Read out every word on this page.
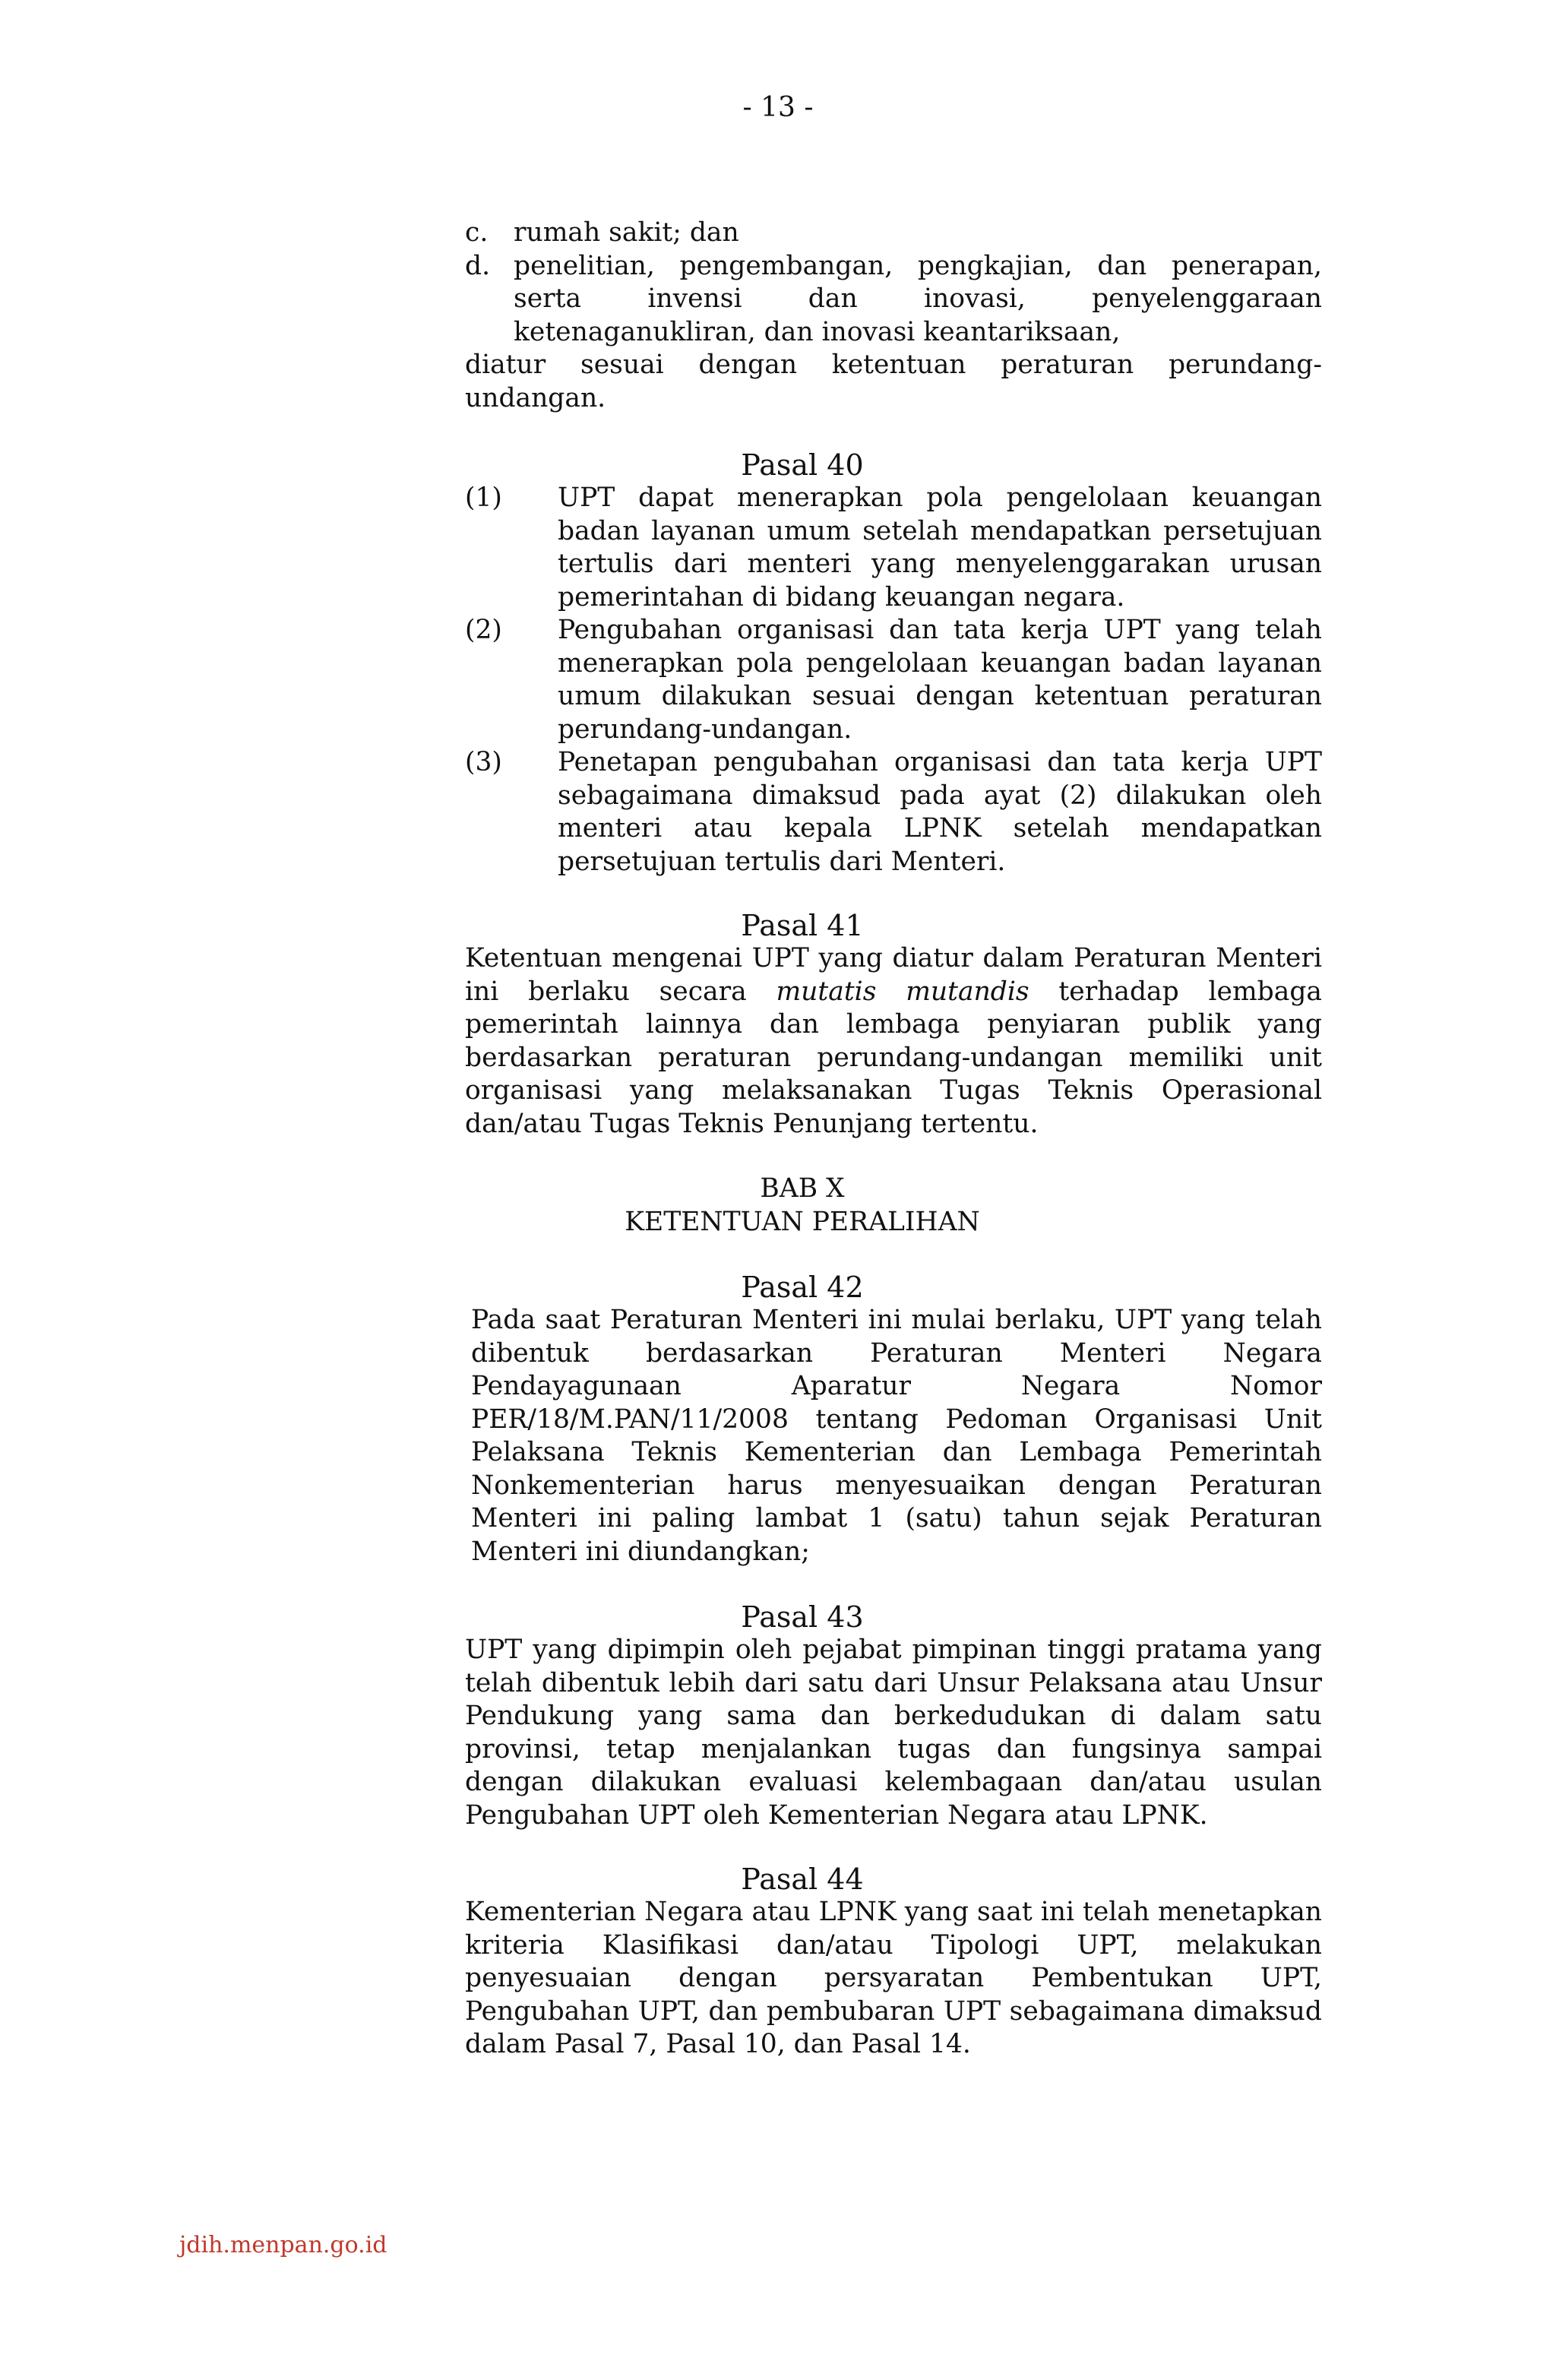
- 13 -
c. rumah sakit; dan

d. penelitian, pengembangan, pengkajian, dan penerapan, serta invensi dan inovasi, penyelenggaraan ketenaganukliran, dan inovasi keantariksaan,

diatur sesuai dengan ketentuan peraturan perundang-undangan.

Pasal 40
(1)	UPT dapat menerapkan pola pengelolaan keuangan badan layanan umum setelah mendapatkan persetujuan tertulis dari menteri yang menyelenggarakan urusan pemerintahan di bidang keuangan negara.

(2)	Pengubahan organisasi dan tata kerja UPT yang telah menerapkan pola pengelolaan keuangan badan layanan umum dilakukan sesuai dengan ketentuan peraturan perundang-undangan.

(3)	Penetapan pengubahan organisasi dan tata kerja UPT sebagaimana dimaksud pada ayat (2) dilakukan oleh menteri atau kepala LPNK setelah mendapatkan persetujuan tertulis dari Menteri.

Pasal 41

Ketentuan mengenai UPT yang diatur dalam Peraturan Menteri ini berlaku secara mutatis mutandis terhadap lembaga pemerintah lainnya dan lembaga penyiaran publik yang berdasarkan peraturan perundang-undangan memiliki unit organisasi yang melaksanakan Tugas Teknis Operasional dan/atau Tugas Teknis Penunjang tertentu.

BAB X

KETENTUAN PERALIHAN

Pasal 42

Pada saat Peraturan Menteri ini mulai berlaku, UPT yang telah dibentuk berdasarkan Peraturan Menteri Negara Pendayagunaan Aparatur Negara Nomor PER/18/M.PAN/11/2008 tentang Pedoman Organisasi Unit Pelaksana Teknis Kementerian dan Lembaga Pemerintah Nonkementerian harus menyesuaikan dengan Peraturan Menteri ini paling lambat 1 (satu) tahun sejak Peraturan Menteri ini diundangkan;

Pasal 43

UPT yang dipimpin oleh pejabat pimpinan tinggi pratama yang telah dibentuk lebih dari satu dari Unsur Pelaksana atau Unsur Pendukung yang sama dan berkedudukan di dalam satu provinsi, tetap menjalankan tugas dan fungsinya sampai dengan dilakukan evaluasi kelembagaan dan/atau usulan Pengubahan UPT oleh Kementerian Negara atau LPNK.

Pasal 44

Kementerian Negara atau LPNK yang saat ini telah menetapkan kriteria Klasifikasi dan/atau Tipologi UPT, melakukan penyesuaian dengan persyaratan Pembentukan UPT, Pengubahan UPT, dan pembubaran UPT sebagaimana dimaksud dalam Pasal 7, Pasal 10, dan Pasal 14.

jdih.menpan.go.id
